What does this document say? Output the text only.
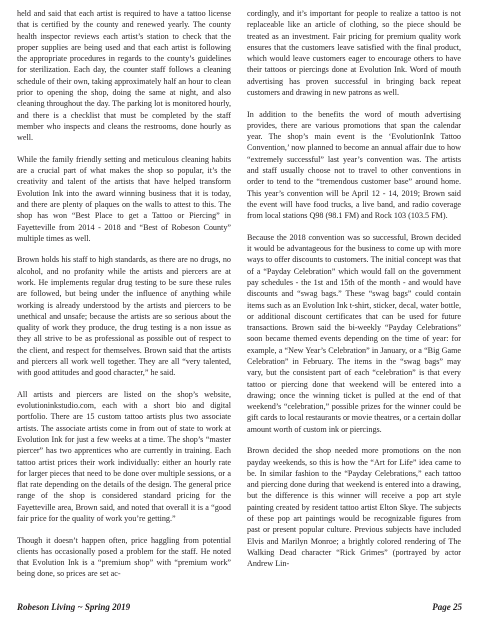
held and said that each artist is required to have a tattoo license that is certified by the county and renewed yearly. The county health inspector reviews each artist’s station to check that the proper supplies are being used and that each artist is following the appropriate procedures in regards to the county’s guidelines for sterilization. Each day, the counter staff follows a cleaning schedule of their own, taking approximately half an hour to clean prior to opening the shop, doing the same at night, and also cleaning throughout the day. The parking lot is monitored hourly, and there is a checklist that must be completed by the staff member who inspects and cleans the restrooms, done hourly as well.

While the family friendly setting and meticulous cleaning habits are a crucial part of what makes the shop so popular, it’s the creativity and talent of the artists that have helped transform Evolution Ink into the award winning business that it is today, and there are plenty of plaques on the walls to attest to this. The shop has won “Best Place to get a Tattoo or Piercing” in Fayetteville from 2014 - 2018 and “Best of Robeson County” multiple times as well.

Brown holds his staff to high standards, as there are no drugs, no alcohol, and no profanity while the artists and piercers are at work. He implements regular drug testing to be sure these rules are followed, but being under the influence of anything while working is already understood by the artists and piercers to be unethical and unsafe; because the artists are so serious about the quality of work they produce, the drug testing is a non issue as they all strive to be as professional as possible out of respect to the client, and respect for themselves. Brown said that the artists and piercers all work well together. They are all “very talented, with good attitudes and good character,” he said.

All artists and piercers are listed on the shop’s website, evolutioninkstudio.com, each with a short bio and digital portfolio. There are 15 custom tattoo artists plus two associate artists. The associate artists come in from out of state to work at Evolution Ink for just a few weeks at a time. The shop’s “master piercer” has two apprentices who are currently in training. Each tattoo artist prices their work individually: either an hourly rate for larger pieces that need to be done over multiple sessions, or a flat rate depending on the details of the design. The general price range of the shop is considered standard pricing for the Fayetteville area, Brown said, and noted that overall it is a “good fair price for the quality of work you’re getting.”

Though it doesn’t happen often, price haggling from potential clients has occasionally posed a problem for the staff. He noted that Evolution Ink is a “premium shop” with “premium work” being done, so prices are set ac-

cordingly, and it’s important for people to realize a tattoo is not replaceable like an article of clothing, so the piece should be treated as an investment. Fair pricing for premium quality work ensures that the customers leave satisfied with the final product, which would leave customers eager to encourage others to have their tattoos or piercings done at Evolution Ink. Word of mouth advertising has proven successful in bringing back repeat customers and drawing in new patrons as well.

In addition to the benefits the word of mouth advertising provides, there are various promotions that span the calendar year. The shop’s main event is the ‘EvolutionInk Tattoo Convention,’ now planned to become an annual affair due to how “extremely successful” last year’s convention was. The artists and staff usually choose not to travel to other conventions in order to tend to the “tremendous customer base” around home. This year’s convention will be April 12 - 14, 2019; Brown said the event will have food trucks, a live band, and radio coverage from local stations Q98 (98.1 FM) and Rock 103 (103.5 FM).

Because the 2018 convention was so successful, Brown decided it would be advantageous for the business to come up with more ways to offer discounts to customers. The initial concept was that of a “Payday Celebration” which would fall on the government pay schedules - the 1st and 15th of the month - and would have discounts and “swag bags.” These “swag bags” could contain items such as an Evolution Ink t-shirt, sticker, decal, water bottle, or additional discount certificates that can be used for future transactions. Brown said the bi-weekly “Payday Celebrations” soon became themed events depending on the time of year: for example, a “New Year’s Celebration” in January, or a “Big Game Celebration” in February. The items in the “swag bags” may vary, but the consistent part of each “celebration” is that every tattoo or piercing done that weekend will be entered into a drawing; once the winning ticket is pulled at the end of that weekend’s “celebration,” possible prizes for the winner could be gift cards to local restaurants or movie theatres, or a certain dollar amount worth of custom ink or piercings.

Brown decided the shop needed more promotions on the non payday weekends, so this is how the “Art for Life” idea came to be. In similar fashion to the “Payday Celebrations,” each tattoo and piercing done during that weekend is entered into a drawing, but the difference is this winner will receive a pop art style painting created by resident tattoo artist Elton Skye. The subjects of these pop art paintings would be recognizable figures from past or present popular culture. Previous subjects have included Elvis and Marilyn Monroe; a brightly colored rendering of The Walking Dead character “Rick Grimes” (portrayed by actor Andrew Lin-

Robeson Living ~ Spring 2019	Page 25
